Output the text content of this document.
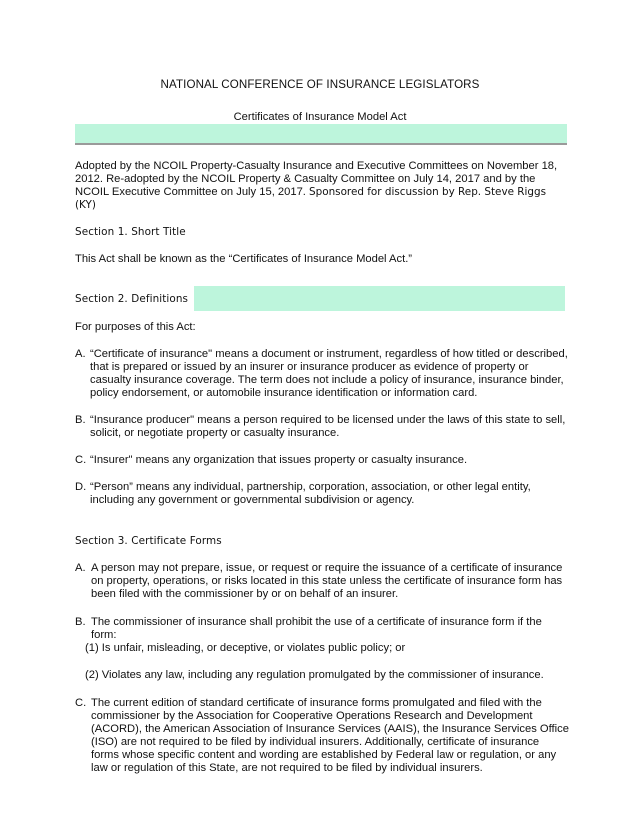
NATIONAL CONFERENCE OF INSURANCE LEGISLATORS
Certificates of Insurance Model Act
Adopted by the NCOIL Property-Casualty Insurance and Executive Committees on November 18, 2012. Re-adopted by the NCOIL Property & Casualty Committee on July 14, 2017 and by the NCOIL Executive Committee on July 15, 2017. Sponsored for discussion by Rep. Steve Riggs (KY)
Section 1. Short Title
This Act shall be known as the “Certificates of Insurance Model Act.”
Section 2. Definitions
For purposes of this Act:
A. “Certificate of insurance" means a document or instrument, regardless of how titled or described, that is prepared or issued by an insurer or insurance producer as evidence of property or casualty insurance coverage. The term does not include a policy of insurance, insurance binder, policy endorsement, or automobile insurance identification or information card.
B. “Insurance producer" means a person required to be licensed under the laws of this state to sell, solicit, or negotiate property or casualty insurance.
C. “Insurer" means any organization that issues property or casualty insurance.
D. “Person” means any individual, partnership, corporation, association, or other legal entity, including any government or governmental subdivision or agency.
Section 3. Certificate Forms
A. A person may not prepare, issue, or request or require the issuance of a certificate of insurance on property, operations, or risks located in this state unless the certificate of insurance form has been filed with the commissioner by or on behalf of an insurer.
B. The commissioner of insurance shall prohibit the use of a certificate of insurance form if the form:
(1) Is unfair, misleading, or deceptive, or violates public policy; or
(2) Violates any law, including any regulation promulgated by the commissioner of insurance.
C. The current edition of standard certificate of insurance forms promulgated and filed with the commissioner by the Association for Cooperative Operations Research and Development (ACORD), the American Association of Insurance Services (AAIS), the Insurance Services Office (ISO) are not required to be filed by individual insurers. Additionally, certificate of insurance forms whose specific content and wording are established by Federal law or regulation, or any law or regulation of this State, are not required to be filed by individual insurers.
